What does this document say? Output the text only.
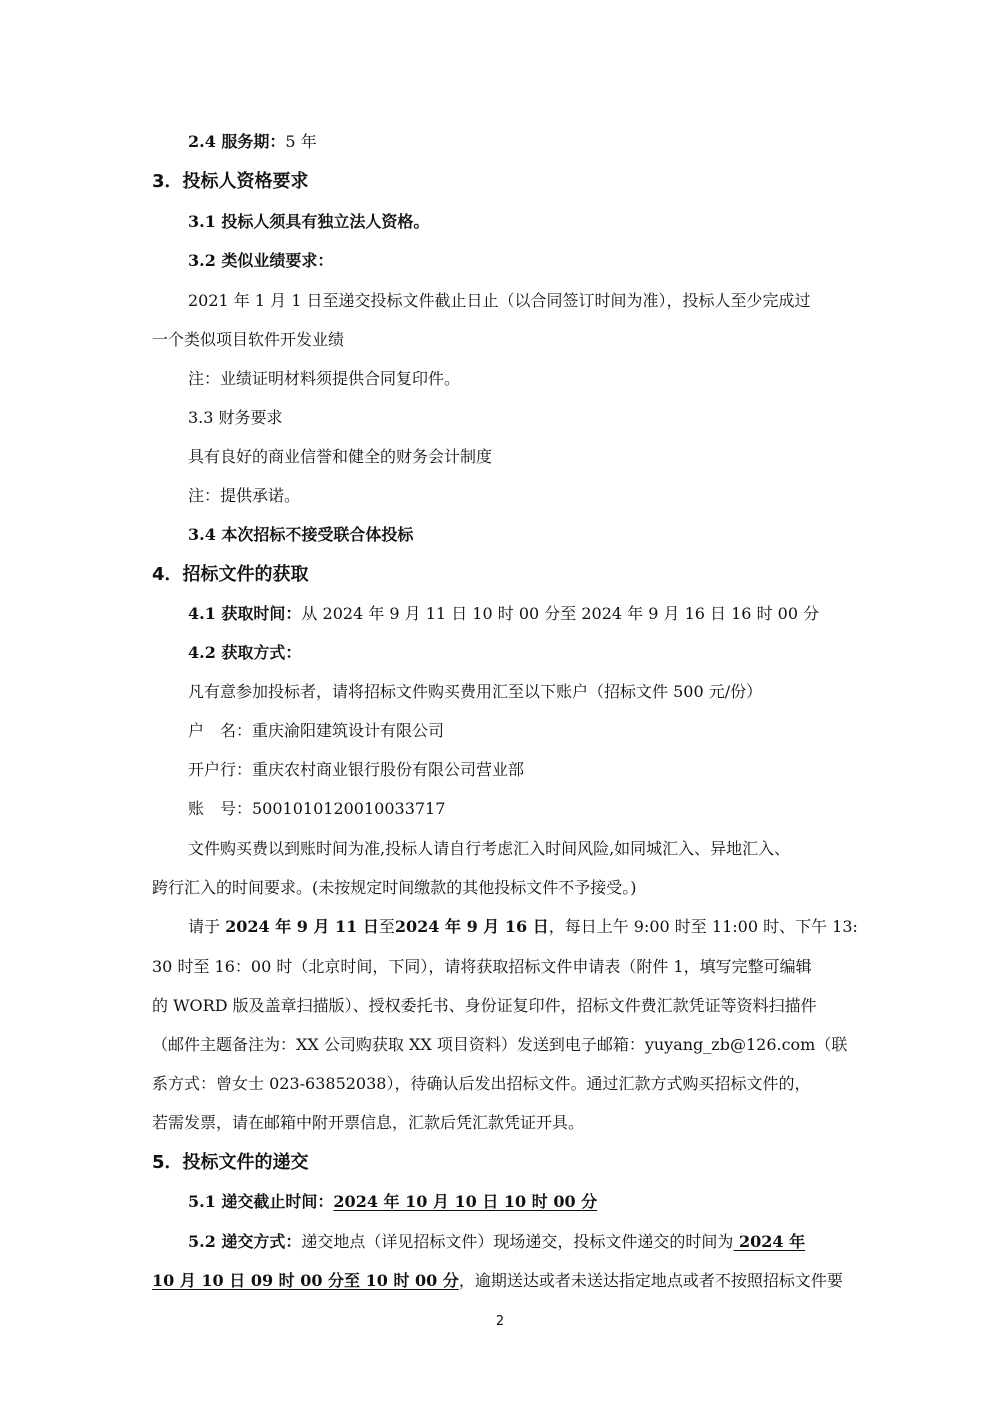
2.4 服务期：5 年
3．投标人资格要求
3.1 投标人须具有独立法人资格。
3.2 类似业绩要求：
2021 年 1 月 1 日至递交投标文件截止日止（以合同签订时间为准），投标人至少完成过
一个类似项目软件开发业绩
注：业绩证明材料须提供合同复印件。
3.3 财务要求
具有良好的商业信誉和健全的财务会计制度
注：提供承诺。
3.4 本次招标不接受联合体投标
4．招标文件的获取
4.1 获取时间：从 2024 年 9 月 11 日 10 时 00 分至 2024 年 9 月 16 日 16 时 00 分
4.2 获取方式：
凡有意参加投标者，请将招标文件购买费用汇至以下账户（招标文件 500 元/份）
户　名：重庆渝阳建筑设计有限公司
开户行：重庆农村商业银行股份有限公司营业部
账　号：5001010120010033717
文件购买费以到账时间为准,投标人请自行考虑汇入时间风险,如同城汇入、异地汇入、
跨行汇入的时间要求。(未按规定时间缴款的其他投标文件不予接受。)
请于 2024 年 9 月 11 日至2024 年 9 月 16 日，每日上午 9:00 时至 11:00 时、下午 13:
30 时至 16：00 时（北京时间，下同），请将获取招标文件申请表（附件 1，填写完整可编辑
的 WORD 版及盖章扫描版）、授权委托书、身份证复印件，招标文件费汇款凭证等资料扫描件
（邮件主题备注为：XX 公司购获取 XX 项目资料）发送到电子邮箱：yuyang_zb@126.com（联
系方式：曾女士 023-63852038），待确认后发出招标文件。通过汇款方式购买招标文件的，
若需发票，请在邮箱中附开票信息，汇款后凭汇款凭证开具。
5．投标文件的递交
5.1 递交截止时间：2024 年 10 月 10 日 10 时 00 分
5.2 递交方式：递交地点（详见招标文件）现场递交，投标文件递交的时间为 2024 年
10 月 10 日 09 时 00 分至 10 时 00 分，逾期送达或者未送达指定地点或者不按照招标文件要
2
